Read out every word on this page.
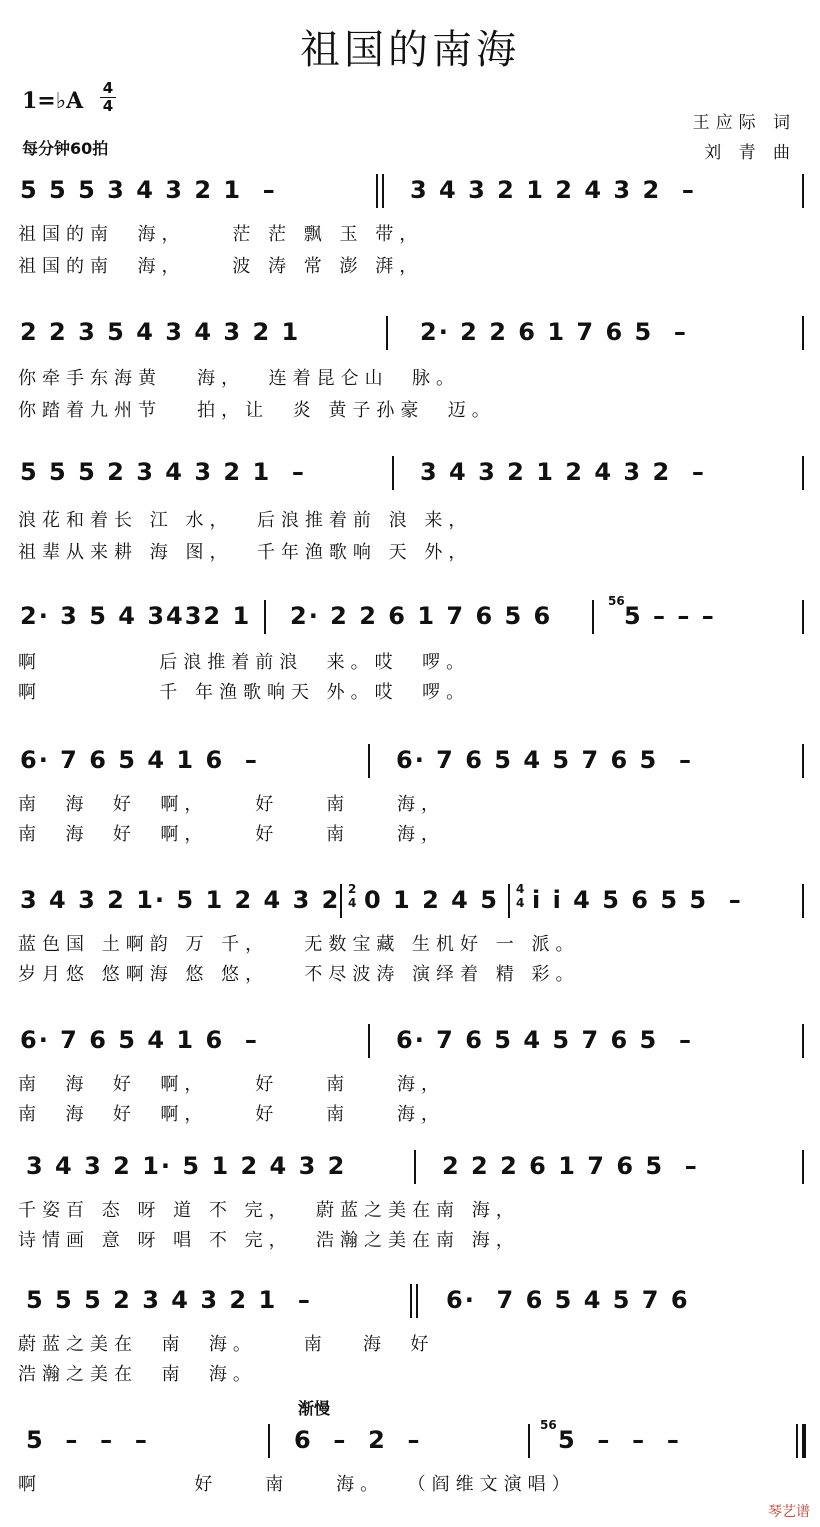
祖国的南海
1=♭A 4
4
每分钟60拍
王应际 词
刘 青 曲
5 5 5 3 4 3 2 1  –	3 4 3 2 1 2 4 3 2  –
祖国的南  海，    茫 茫 飘 玉 带，
祖国的南  海，    波 涛 常 澎 湃，
2 2 3 5 4 3 4 3 2 1	2· 2 2 6 1 7 6 5  –
你牵手东海黄   海，  连着昆仑山  脉。
你踏着九州节   拍，让  炎 黄子孙豪  迈。
5 5 5 2 3 4 3 2 1  –	3 4 3 2 1 2 4 3 2  –
浪花和着长 江 水，  后浪推着前 浪 来，
祖辈从来耕 海 图，  千年渔歌响 天 外，
2· 3 5 4 3432 1 2· 2 2 6 1 7 6 5 6
56
5 – – –
啊          后浪推着前浪  来。哎  啰。
啊          千 年渔歌响天 外。哎  啰。
6· 7 6 5 4 1 6  –	6· 7 6 5 4 5 7 6 5  –
南  海  好  啊，    好    南    海，
南  海  好  啊，    好    南    海，
3 4 3 2 1· 5 1 2 4 3 2 2
4 0 1 2 4 5 4
4 i i 4 5 6 5 5  –
蓝色国 土啊韵 万 千，   无数宝藏 生机好 一 派。
岁月悠 悠啊海 悠 悠，   不尽波涛 演绎着 精 彩。
6· 7 6 5 4 1 6  –	6· 7 6 5 4 5 7 6 5  –
南  海  好  啊，    好    南    海，
南  海  好  啊，    好    南    海，
3 4 3 2 1· 5 1 2 4 3 2	2 2 2 6 1 7 6 5  –
千姿百 态 呀 道 不 完，  蔚蓝之美在南 海，
诗情画 意 呀 唱 不 完，  浩瀚之美在南 海，
5 5 5 2 3 4 3 2 1  –	6·  7 6 5 4 5 7 6
蔚蓝之美在  南  海。    南   海  好
浩瀚之美在  南  海。
渐慢
5  –  –  –	6  –  2  –
56
5  –  –  –
啊             好    南    海。  （阎维文演唱）
琴艺谱
